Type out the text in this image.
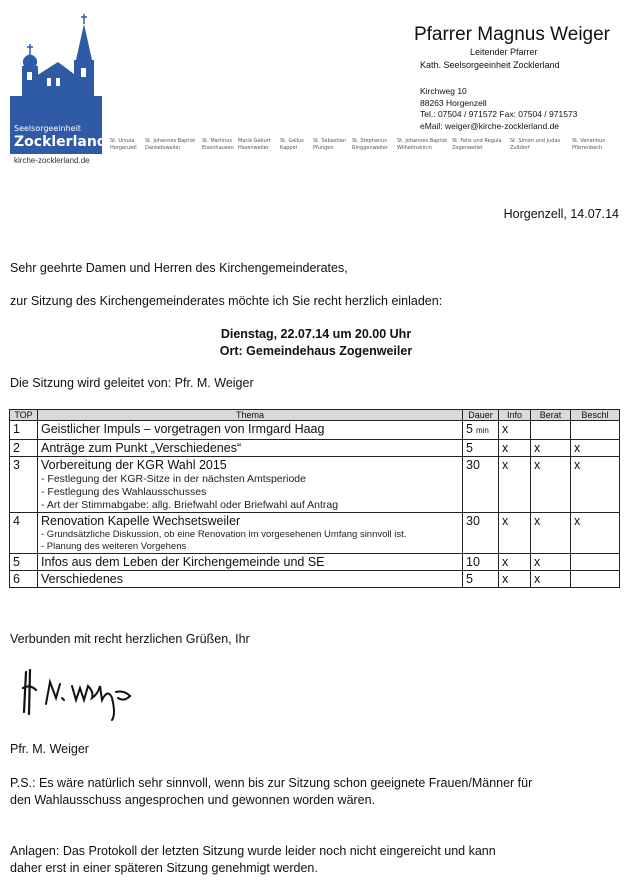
Seelsorgeeinheit
Zocklerland
kirche-zocklerland.de
St. Ursula
Horgenzell
St. Johannes Baptist
Danketsweiler
St. Martinus
Eisenhausen
Mariä Geburt
Hasenweiler
St. Gallus
Kappel
St. Sebastian
Pfungen
St. Stephanus
Ringgenweiler
St. Johannes Baptist
Wilhelmskirch
St. Felix und Regula
Zogenweiler
St. Simon und Judas
Zußdorf
St. Venantius
Pfärrenbach
Pfarrer Magnus Weiger
Leitender Pfarrer
Kath. Seelsorgeeinheit Zocklerland
Kirchweg 10
88263 Horgenzell
Tel.: 07504 / 971572 Fax: 07504 / 971573
eMail: weiger@kirche-zocklerland.de
Horgenzell, 14.07.14
Sehr geehrte Damen und Herren des Kirchengemeinderates,
zur Sitzung des Kirchengemeinderates möchte ich Sie recht herzlich einladen:
Dienstag, 22.07.14 um 20.00 Uhr
Ort: Gemeindehaus Zogenweiler
Die Sitzung wird geleitet von: Pfr. M. Weiger
TOP	Thema	Dauer	Info	Berat	Beschl
1	Geistlicher Impuls – vorgetragen von Irmgard Haag	5 min	x		
2	Anträge zum Punkt „Verschiedenes“	5	x	x	x
3	Vorbereitung der KGR Wahl 2015
- Festlegung der KGR-Sitze in der nächsten Amtsperiode
- Festlegung des Wahlausschusses
- Art der Stimmabgabe: allg. Briefwahl oder Briefwahl auf Antrag	30	x	x	x
4	Renovation Kapelle Wechsetsweiler
- Grundsätzliche Diskussion, ob eine Renovation im vorgesehenen Umfang sinnvoll ist.
- Planung des weiteren Vorgehens	30	x	x	x
5	Infos aus dem Leben der Kirchengemeinde und SE	10	x	x	
6	Verschiedenes	5	x	x	
Verbunden mit recht herzlichen Grüßen, Ihr
Pfr. M. Weiger
P.S.: Es wäre natürlich sehr sinnvoll, wenn bis zur Sitzung schon geeignete Frauen/Männer für
den Wahlausschuss angesprochen und gewonnen worden wären.
Anlagen: Das Protokoll der letzten Sitzung wurde leider noch nicht eingereicht und kann
daher erst in einer späteren Sitzung genehmigt werden.
